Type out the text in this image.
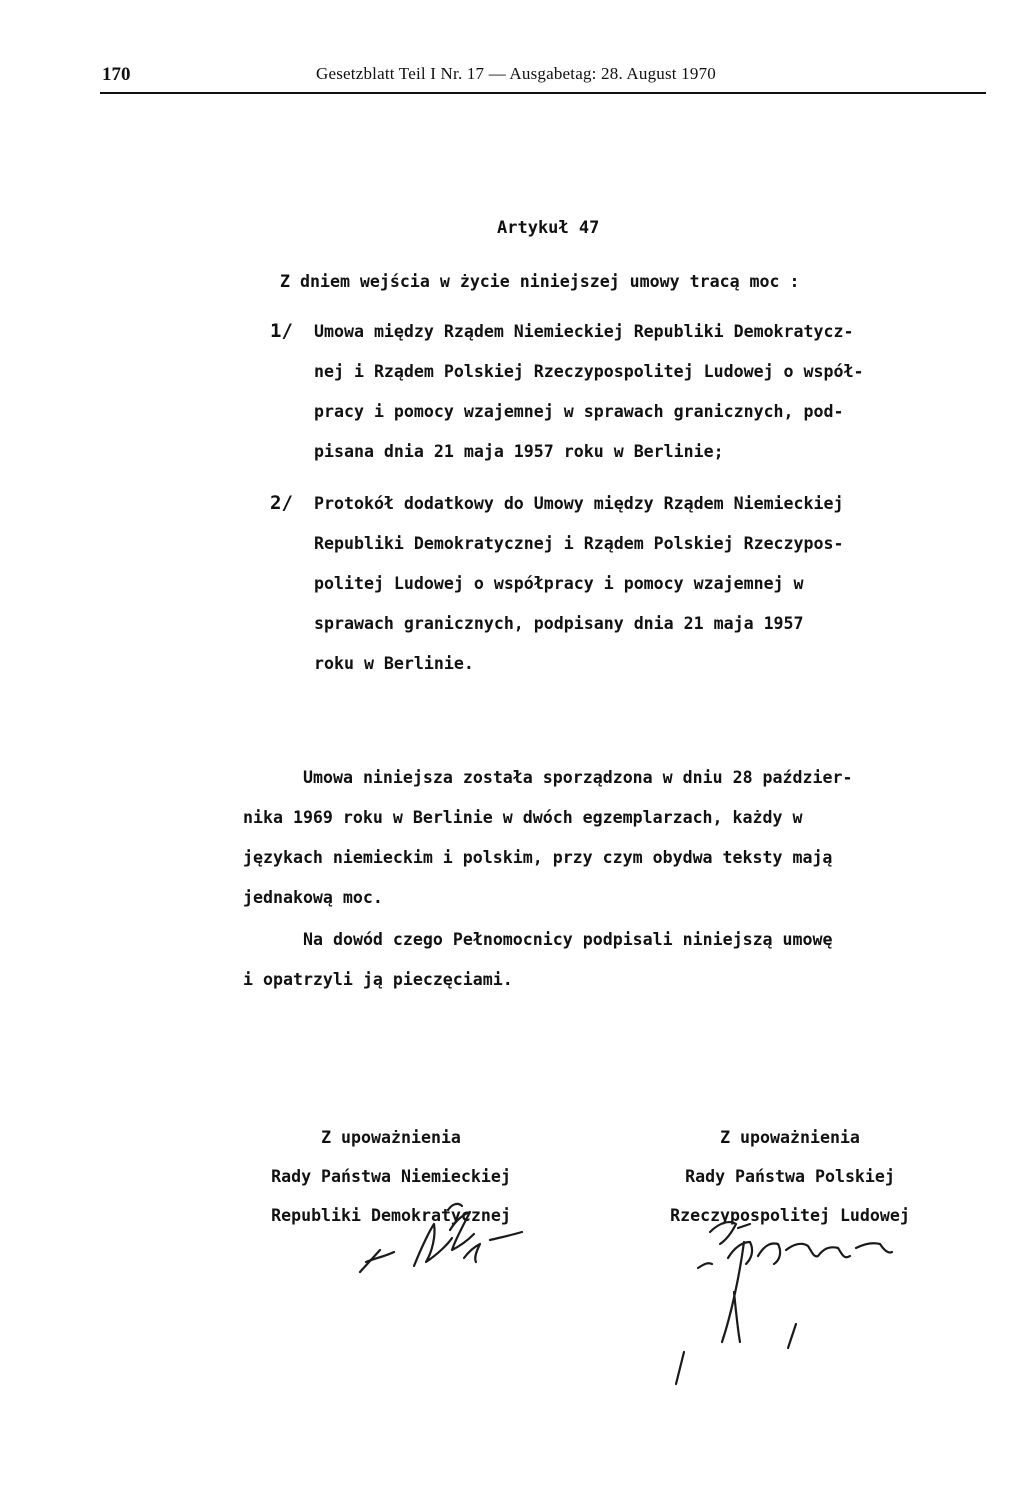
170	Gesetzblatt Teil I Nr. 17 — Ausgabetag: 28. August 1970
Artykuł 47
Z dniem wejścia w życie niniejszej umowy tracą moc :
1/ Umowa między Rządem Niemieckiej Republiki Demokratycz-
nej i Rządem Polskiej Rzeczypospolitej Ludowej o współ-
pracy i pomocy wzajemnej w sprawach granicznych, pod-
pisana dnia 21 maja 1957 roku w Berlinie;
2/ Protokół dodatkowy do Umowy między Rządem Niemieckiej
Republiki Demokratycznej i Rządem Polskiej Rzeczypos-
politej Ludowej o współpracy i pomocy wzajemnej w
sprawach granicznych, podpisany dnia 21 maja 1957
roku w Berlinie.
Umowa niniejsza została sporządzona w dniu 28 paździer-
nika 1969 roku w Berlinie w dwóch egzemplarzach, każdy w
językach niemieckim i polskim, przy czym obydwa teksty mają
jednakową moc.
Na dowód czego Pełnomocnicy podpisali niniejszą umowę
i opatrzyli ją pieczęciami.
Z upoważnienia
Rady Państwa Niemieckiej
Republiki Demokratycznej
Z upoważnienia
Rady Państwa Polskiej
Rzeczypospolitej Ludowej
